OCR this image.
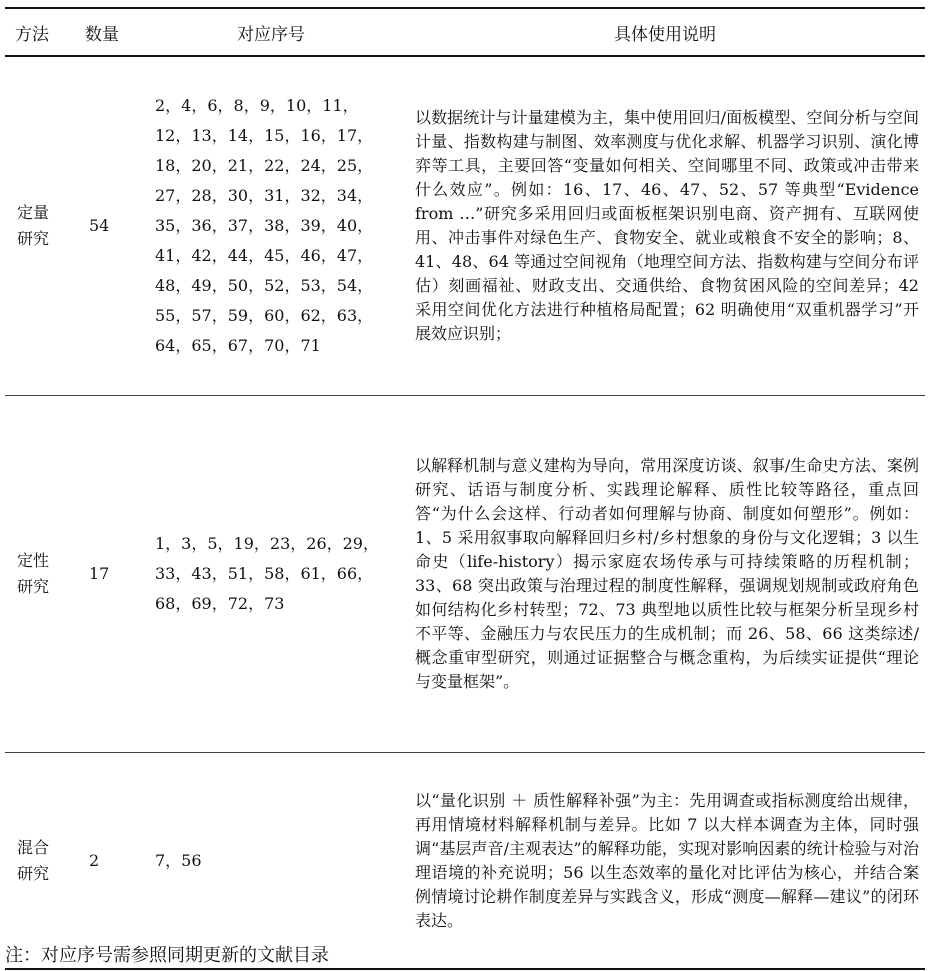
方法	数量	对应序号	具体使用说明

定量研究	54	2，4，6，8，9，10，11，12，13，14，15，16，17，18，20，21，22，24，25，27，28，30，31，32，34，35，36，37，38，39，40，41，42，44，45，46，47，48，49，50，52，53，54，55，57，59，60，62，63，64，65，67，70，71	以数据统计与计量建模为主，集中使用回归/面板模型、空间分析与空间计量、指数构建与制图、效率测度与优化求解、机器学习识别、演化博弈等工具，主要回答“变量如何相关、空间哪里不同、政策或冲击带来什么效应”。例如：16、17、46、47、52、57 等典型“Evidence from …”研究多采用回归或面板框架识别电商、资产拥有、互联网使用、冲击事件对绿色生产、食物安全、就业或粮食不安全的影响；8、41、48、64 等通过空间视角（地理空间方法、指数构建与空间分布评估）刻画福祉、财政支出、交通供给、食物贫困风险的空间差异；42 采用空间优化方法进行种植格局配置；62 明确使用“双重机器学习”开展效应识别；

定性研究	17	1，3，5，19，23，26，29，33，43，51，58，61，66，68，69，72，73	以解释机制与意义建构为导向，常用深度访谈、叙事/生命史方法、案例研究、话语与制度分析、实践理论解释、质性比较等路径，重点回答“为什么会这样、行动者如何理解与协商、制度如何塑形”。例如：1、5 采用叙事取向解释回归乡村/乡村想象的身份与文化逻辑；3 以生命史（life-history）揭示家庭农场传承与可持续策略的历程机制；33、68 突出政策与治理过程的制度性解释，强调规划规制或政府角色如何结构化乡村转型；72、73 典型地以质性比较与框架分析呈现乡村不平等、金融压力与农民压力的生成机制；而 26、58、66 这类综述/概念重审型研究，则通过证据整合与概念重构，为后续实证提供“理论与变量框架”。

混合研究	2	7，56	以“量化识别 ＋ 质性解释补强”为主：先用调查或指标测度给出规律，再用情境材料解释机制与差异。比如 7 以大样本调查为主体，同时强调“基层声音/主观表达”的解释功能，实现对影响因素的统计检验与对治理语境的补充说明；56 以生态效率的量化对比评估为核心，并结合案例情境讨论耕作制度差异与实践含义，形成“测度—解释—建议”的闭环表达。
注：对应序号需参照同期更新的文献目录
